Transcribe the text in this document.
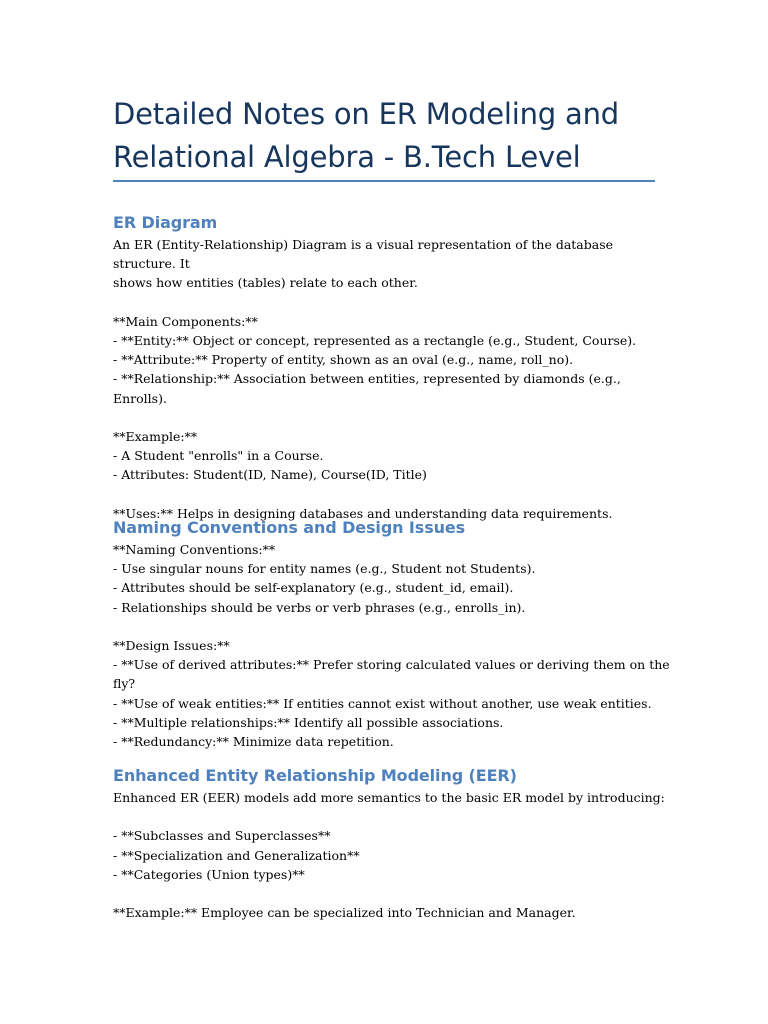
Detailed Notes on ER Modeling and Relational Algebra - B.Tech Level
ER Diagram
An ER (Entity-Relationship) Diagram is a visual representation of the database structure. It
shows how entities (tables) relate to each other.

**Main Components:**
- **Entity:** Object or concept, represented as a rectangle (e.g., Student, Course).
- **Attribute:** Property of entity, shown as an oval (e.g., name, roll_no).
- **Relationship:** Association between entities, represented by diamonds (e.g., Enrolls).

**Example:**
- A Student "enrolls" in a Course.
- Attributes: Student(ID, Name), Course(ID, Title)

**Uses:** Helps in designing databases and understanding data requirements.
Naming Conventions and Design Issues
**Naming Conventions:**
- Use singular nouns for entity names (e.g., Student not Students).
- Attributes should be self-explanatory (e.g., student_id, email).
- Relationships should be verbs or verb phrases (e.g., enrolls_in).

**Design Issues:**
- **Use of derived attributes:** Prefer storing calculated values or deriving them on the fly?
- **Use of weak entities:** If entities cannot exist without another, use weak entities.
- **Multiple relationships:** Identify all possible associations.
- **Redundancy:** Minimize data repetition.
Enhanced Entity Relationship Modeling (EER)
Enhanced ER (EER) models add more semantics to the basic ER model by introducing:

- **Subclasses and Superclasses**
- **Specialization and Generalization**
- **Categories (Union types)**

**Example:** Employee can be specialized into Technician and Manager.
